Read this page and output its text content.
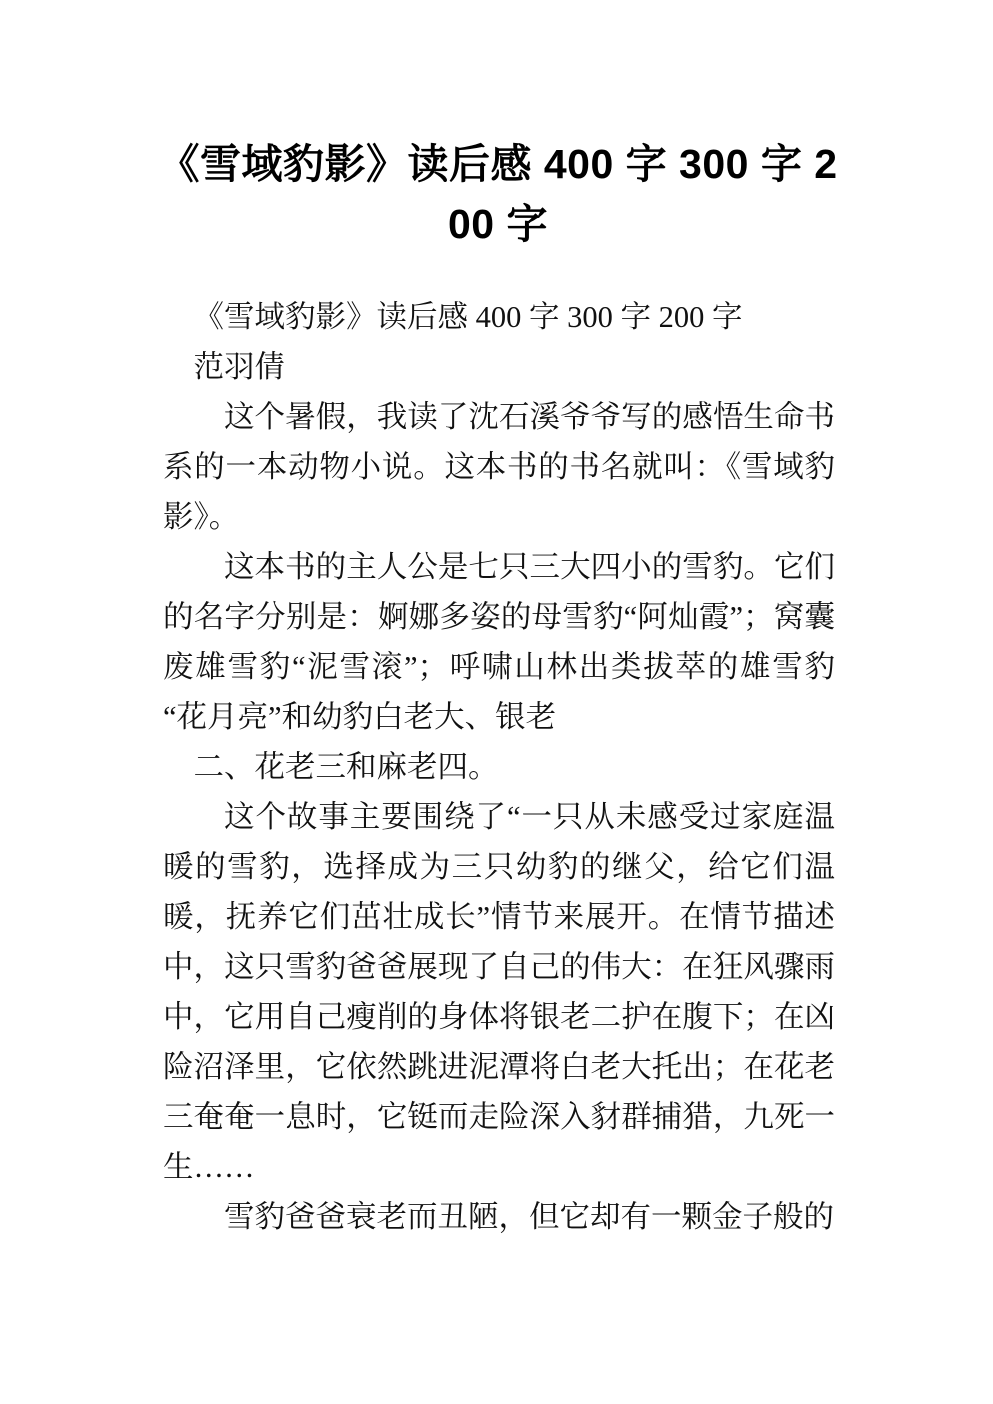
《雪域豹影》读后感 400 字 300 字 200 字

《雪域豹影》读后感 400 字 300 字 200 字

范羽倩

这个暑假，我读了沈石溪爷爷写的感悟生命书系的一本动物小说。这本书的书名就叫：《雪域豹影》。

这本书的主人公是七只三大四小的雪豹。它们的名字分别是：婀娜多姿的母雪豹“阿灿霞”；窝囊废雄雪豹“泥雪滚”；呼啸山林出类拔萃的雄雪豹“花月亮”和幼豹白老大、银老

二、花老三和麻老四。

这个故事主要围绕了“一只从未感受过家庭温暖的雪豹，选择成为三只幼豹的继父，给它们温暖，抚养它们茁壮成长”情节来展开。在情节描述中，这只雪豹爸爸展现了自己的伟大：在狂风骤雨中，它用自己瘦削的身体将银老二护在腹下；在凶险沼泽里，它依然跳进泥潭将白老大托出；在花老三奄奄一息时，它铤而走险深入豺群捕猎，九死一生……

雪豹爸爸衰老而丑陋，但它却有一颗金子般的
